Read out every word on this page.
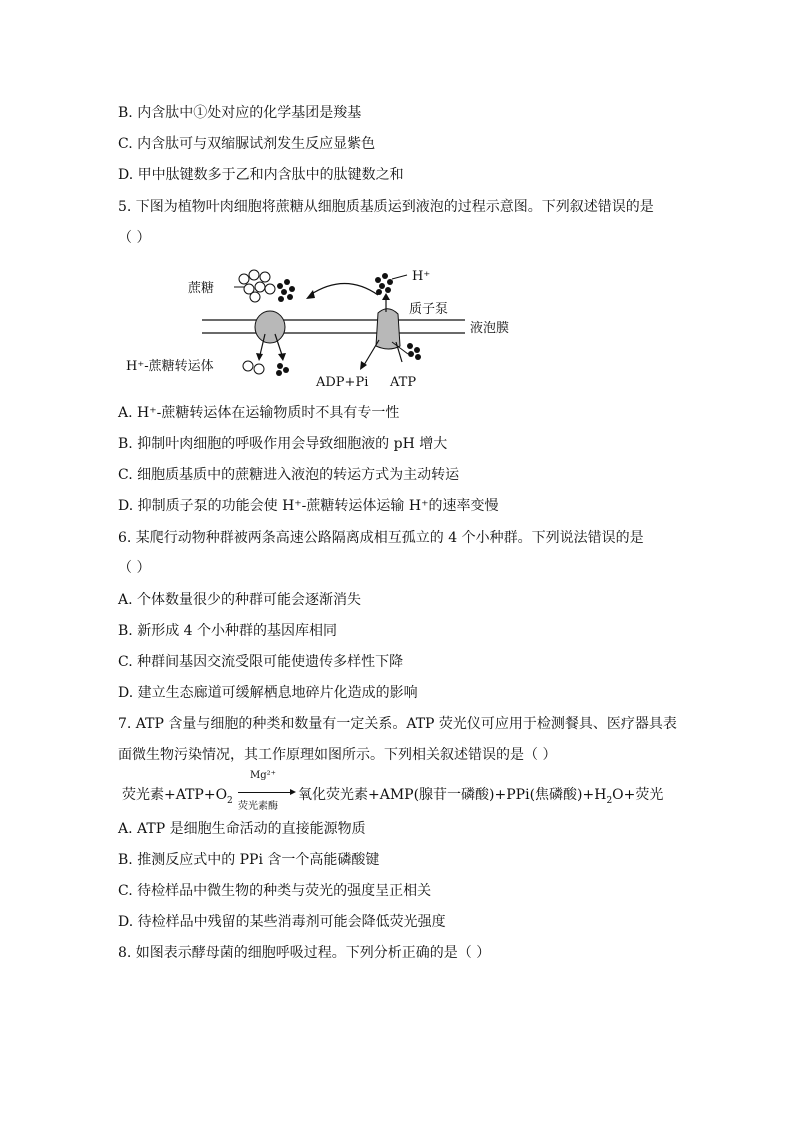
B. 内含肽中①处对应的化学基团是羧基
C. 内含肽可与双缩脲试剂发生反应显紫色
D. 甲中肽键数多于乙和内含肽中的肽键数之和
5. 下图为植物叶肉细胞将蔗糖从细胞质基质运到液泡的过程示意图。下列叙述错误的是
（ ）
蔗糖
H⁺
质子泵
液泡膜
H⁺-蔗糖转运体
ADP+Pi ATP
A. H⁺-蔗糖转运体在运输物质时不具有专一性
B. 抑制叶肉细胞的呼吸作用会导致细胞液的 pH 增大
C. 细胞质基质中的蔗糖进入液泡的转运方式为主动转运
D. 抑制质子泵的功能会使 H⁺-蔗糖转运体运输 H⁺的速率变慢
6. 某爬行动物种群被两条高速公路隔离成相互孤立的 4 个小种群。下列说法错误的是
（ ）
A. 个体数量很少的种群可能会逐渐消失
B. 新形成 4 个小种群的基因库相同
C. 种群间基因交流受限可能使遗传多样性下降
D. 建立生态廊道可缓解栖息地碎片化造成的影响
7. ATP 含量与细胞的种类和数量有一定关系。ATP 荧光仪可应用于检测餐具、医疗器具表
面微生物污染情况，其工作原理如图所示。下列相关叙述错误的是（ ）
荧光素$+ATP+O_2$
Mg²⁺
荧光素酶
氧化荧光素+AMP(腺苷一磷酸)+PPi(焦磷酸)$+H_2O+$荧光
A. ATP 是细胞生命活动的直接能源物质
B. 推测反应式中的 PPi 含一个高能磷酸键
C. 待检样品中微生物的种类与荧光的强度呈正相关
D. 待检样品中残留的某些消毒剂可能会降低荧光强度
8. 如图表示酵母菌的细胞呼吸过程。下列分析正确的是（ ）
